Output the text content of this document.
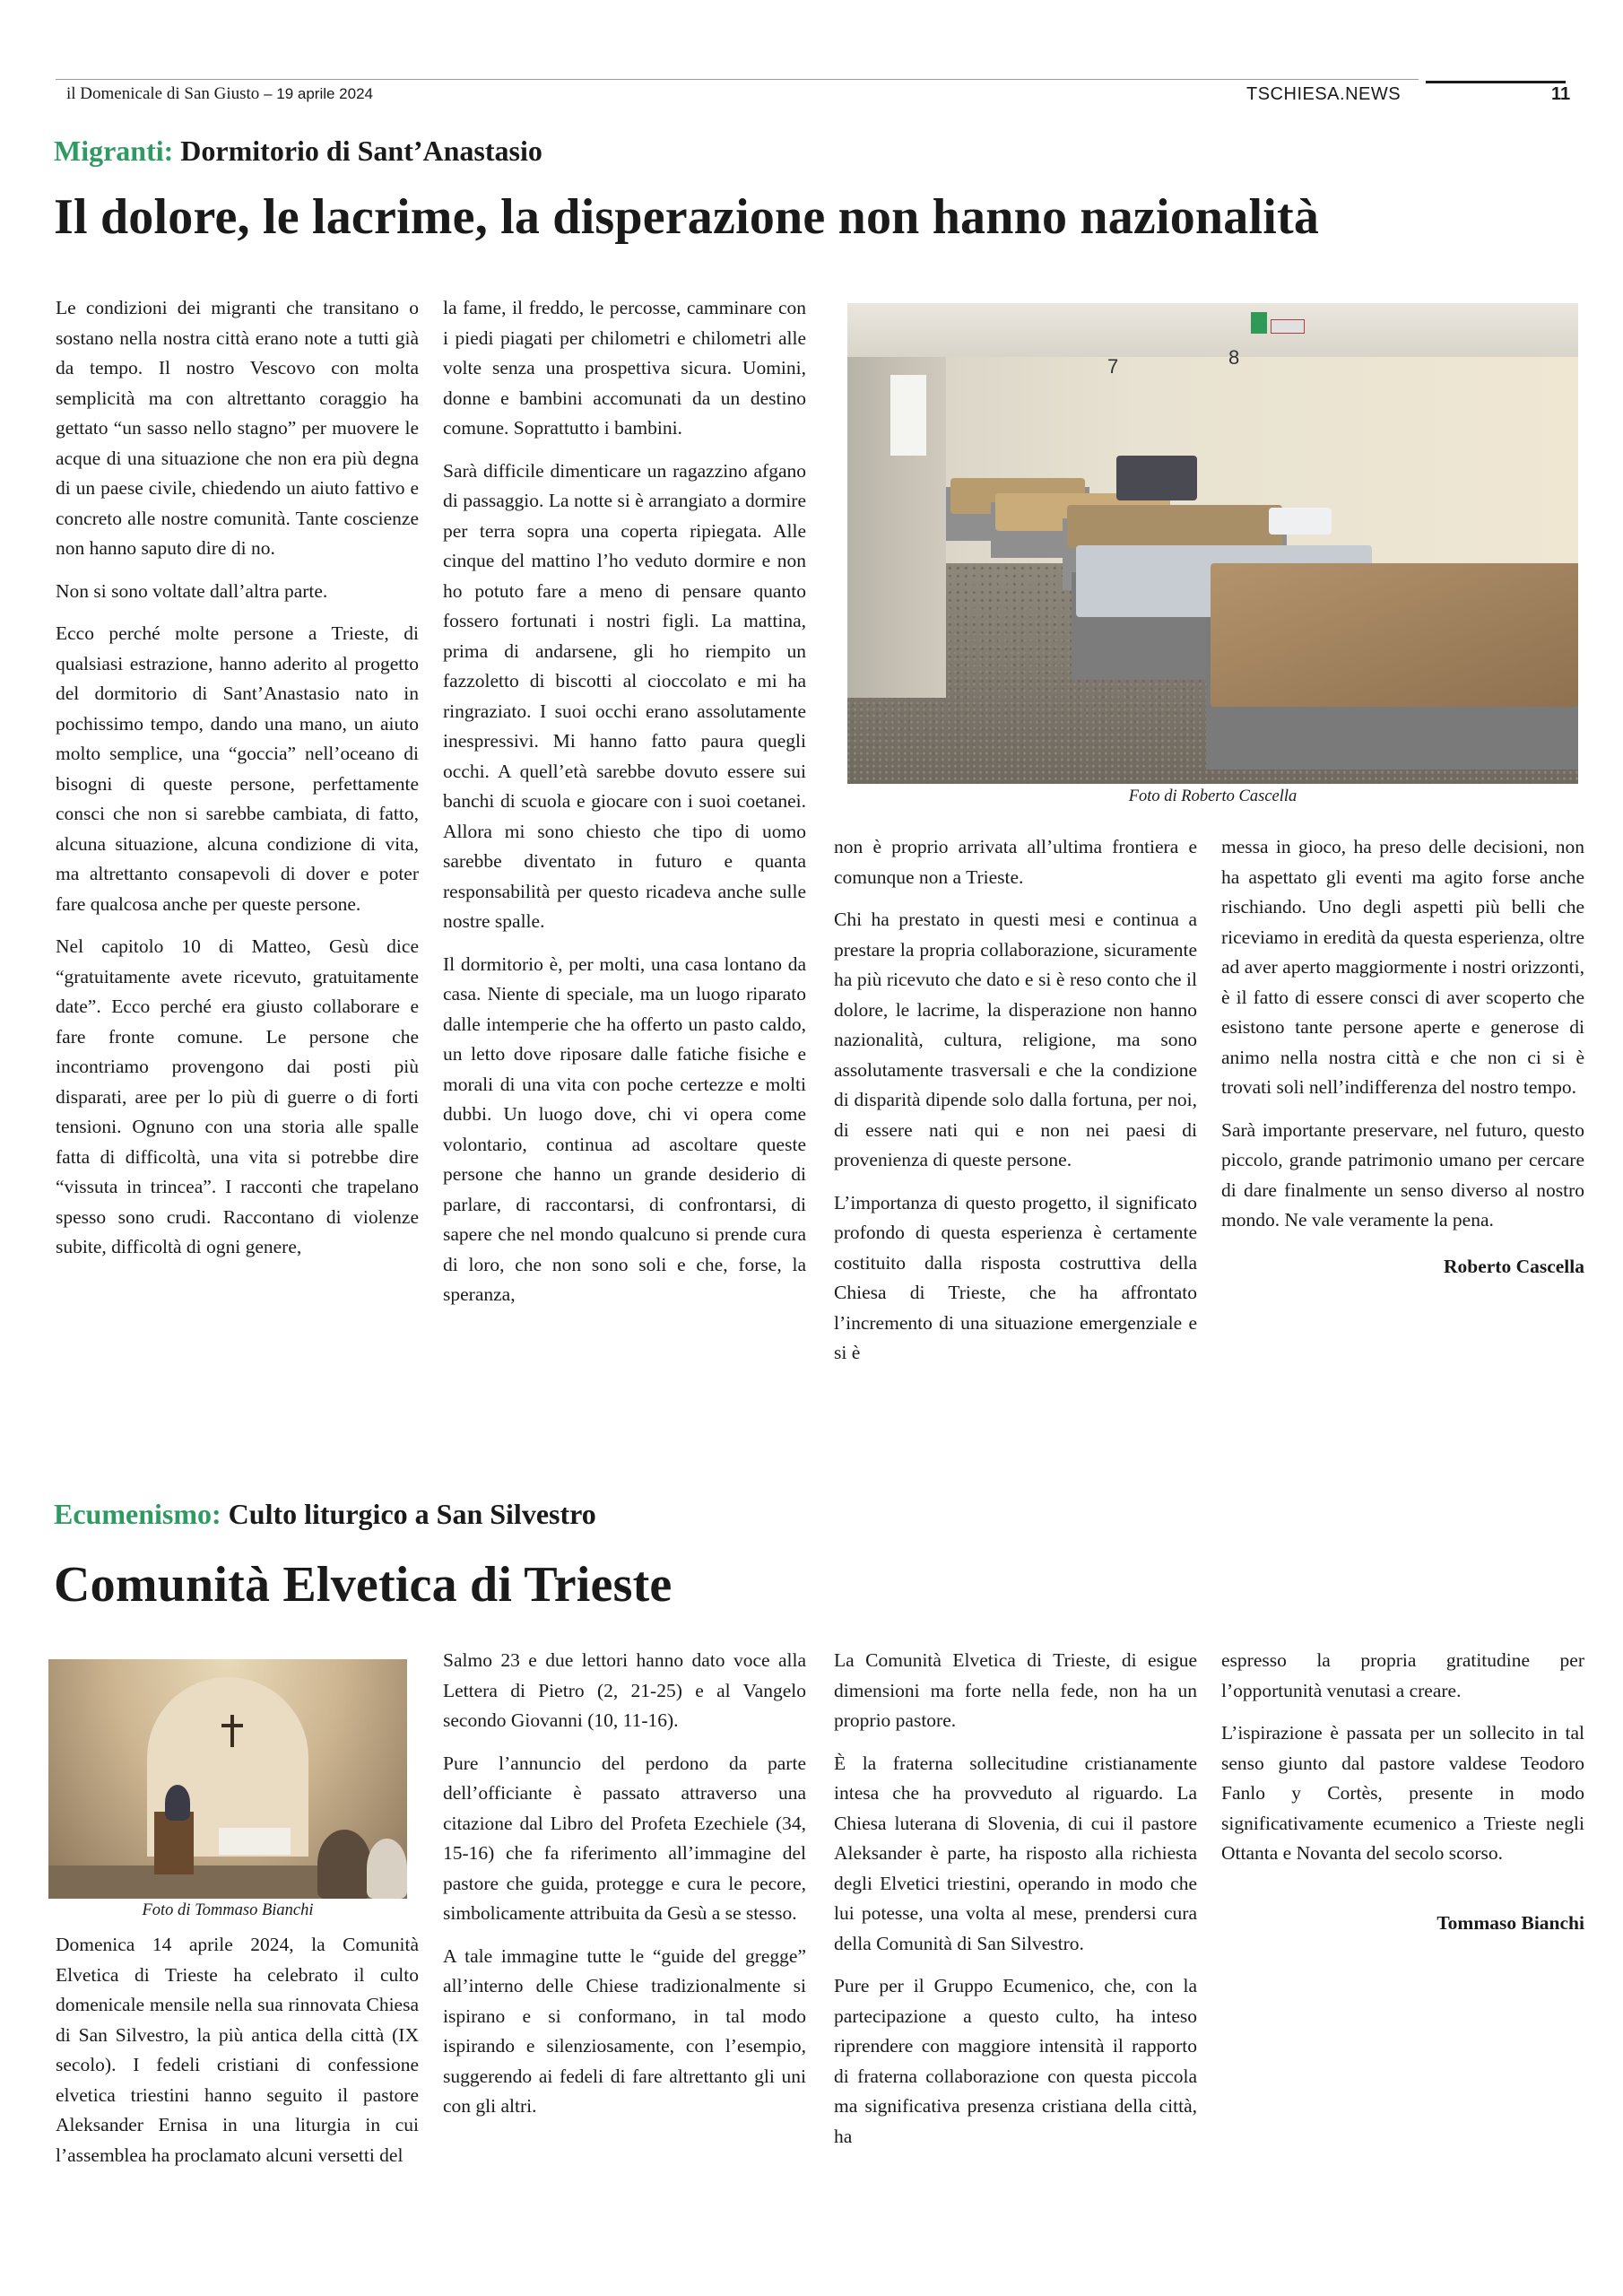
il Domenicale di San Giusto – 19 aprile 2024	TSCHIESA.NEWS	11
Migranti: Dormitorio di Sant’Anastasio
Il dolore, le lacrime, la disperazione non hanno nazionalità

Le condizioni dei migranti che transitano o sostano nella nostra città erano note a tutti già da tempo. Il nostro Vescovo con molta semplicità ma con altrettanto coraggio ha gettato “un sasso nello stagno” per muovere le acque di una situazione che non era più degna di un paese civile, chiedendo un aiuto fattivo e concreto alle nostre comunità. Tante coscienze non hanno saputo dire di no.

Non si sono voltate dall’altra parte.

Ecco perché molte persone a Trieste, di qualsiasi estrazione, hanno aderito al progetto del dormitorio di Sant’Anastasio nato in pochissimo tempo, dando una mano, un aiuto molto semplice, una “goccia” nell’oceano di bisogni di queste persone, perfettamente consci che non si sarebbe cambiata, di fatto, alcuna situazione, alcuna condizione di vita, ma altrettanto consapevoli di dover e poter fare qualcosa anche per queste persone.

Nel capitolo 10 di Matteo, Gesù dice “gratuitamente avete ricevuto, gratuitamente date”. Ecco perché era giusto collaborare e fare fronte comune. Le persone che incontriamo provengono dai posti più disparati, aree per lo più di guerre o di forti tensioni. Ognuno con una storia alle spalle fatta di difficoltà, una vita si potrebbe dire “vissuta in trincea”. I racconti che trapelano spesso sono crudi. Raccontano di violenze subite, difficoltà di ogni genere,

la fame, il freddo, le percosse, camminare con i piedi piagati per chilometri e chilometri alle volte senza una prospettiva sicura. Uomini, donne e bambini accomunati da un destino comune. Soprattutto i bambini.

Sarà difficile dimenticare un ragazzino afgano di passaggio. La notte si è arrangiato a dormire per terra sopra una coperta ripiegata. Alle cinque del mattino l’ho veduto dormire e non ho potuto fare a meno di pensare quanto fossero fortunati i nostri figli. La mattina, prima di andarsene, gli ho riempito un fazzoletto di biscotti al cioccolato e mi ha ringraziato. I suoi occhi erano assolutamente inespressivi. Mi hanno fatto paura quegli occhi. A quell’età sarebbe dovuto essere sui banchi di scuola e giocare con i suoi coetanei. Allora mi sono chiesto che tipo di uomo sarebbe diventato in futuro e quanta responsabilità per questo ricadeva anche sulle nostre spalle.

Il dormitorio è, per molti, una casa lontano da casa. Niente di speciale, ma un luogo riparato dalle intemperie che ha offerto un pasto caldo, un letto dove riposare dalle fatiche fisiche e morali di una vita con poche certezze e molti dubbi. Un luogo dove, chi vi opera come volontario, continua ad ascoltare queste persone che hanno un grande desiderio di parlare, di raccontarsi, di confrontarsi, di sapere che nel mondo qualcuno si prende cura di loro, che non sono soli e che, forse, la speranza,

7	8
Foto di Roberto Cascella

non è proprio arrivata all’ultima frontiera e comunque non a Trieste.

Chi ha prestato in questi mesi e continua a prestare la propria collaborazione, sicuramente ha più ricevuto che dato e si è reso conto che il dolore, le lacrime, la disperazione non hanno nazionalità, cultura, religione, ma sono assolutamente trasversali e che la condizione di disparità dipende solo dalla fortuna, per noi, di essere nati qui e non nei paesi di provenienza di queste persone.

L’importanza di questo progetto, il significato profondo di questa esperienza è certamente costituito dalla risposta costruttiva della Chiesa di Trieste, che ha affrontato l’incremento di una situazione emergenziale e si è

messa in gioco, ha preso delle decisioni, non ha aspettato gli eventi ma agito forse anche rischiando. Uno degli aspetti più belli che riceviamo in eredità da questa esperienza, oltre ad aver aperto maggiormente i nostri orizzonti, è il fatto di essere consci di aver scoperto che esistono tante persone aperte e generose di animo nella nostra città e che non ci si è trovati soli nell’indifferenza del nostro tempo.

Sarà importante preservare, nel futuro, questo piccolo, grande patrimonio umano per cercare di dare finalmente un senso diverso al nostro mondo. Ne vale veramente la pena.

Roberto Cascella
Ecumenismo: Culto liturgico a San Silvestro
Comunità Elvetica di Trieste
Foto di Tommaso Bianchi

Domenica 14 aprile 2024, la Comunità Elvetica di Trieste ha celebrato il culto domenicale mensile nella sua rinnovata Chiesa di San Silvestro, la più antica della città (IX secolo). I fedeli cristiani di confessione elvetica triestini hanno seguito il pastore Aleksander Ernisa in una liturgia in cui l’assemblea ha proclamato alcuni versetti del

Salmo 23 e due lettori hanno dato voce alla Lettera di Pietro (2, 21-25) e al Vangelo secondo Giovanni (10, 11-16).

Pure l’annuncio del perdono da parte dell’officiante è passato attraverso una citazione dal Libro del Profeta Ezechiele (34, 15-16) che fa riferimento all’immagine del pastore che guida, protegge e cura le pecore, simbolicamente attribuita da Gesù a se stesso.

A tale immagine tutte le “guide del gregge” all’interno delle Chiese tradizionalmente si ispirano e si conformano, in tal modo ispirando e silenziosamente, con l’esempio, suggerendo ai fedeli di fare altrettanto gli uni con gli altri.

La Comunità Elvetica di Trieste, di esigue dimensioni ma forte nella fede, non ha un proprio pastore.

È la fraterna sollecitudine cristianamente intesa che ha provveduto al riguardo. La Chiesa luterana di Slovenia, di cui il pastore Aleksander è parte, ha risposto alla richiesta degli Elvetici triestini, operando in modo che lui potesse, una volta al mese, prendersi cura della Comunità di San Silvestro.

Pure per il Gruppo Ecumenico, che, con la partecipazione a questo culto, ha inteso riprendere con maggiore intensità il rapporto di fraterna collaborazione con questa piccola ma significativa presenza cristiana della città, ha

espresso la propria gratitudine per l’opportunità venutasi a creare.

L’ispirazione è passata per un sollecito in tal senso giunto dal pastore valdese Teodoro Fanlo y Cortès, presente in modo significativamente ecumenico a Trieste negli Ottanta e Novanta del secolo scorso.

Tommaso Bianchi
